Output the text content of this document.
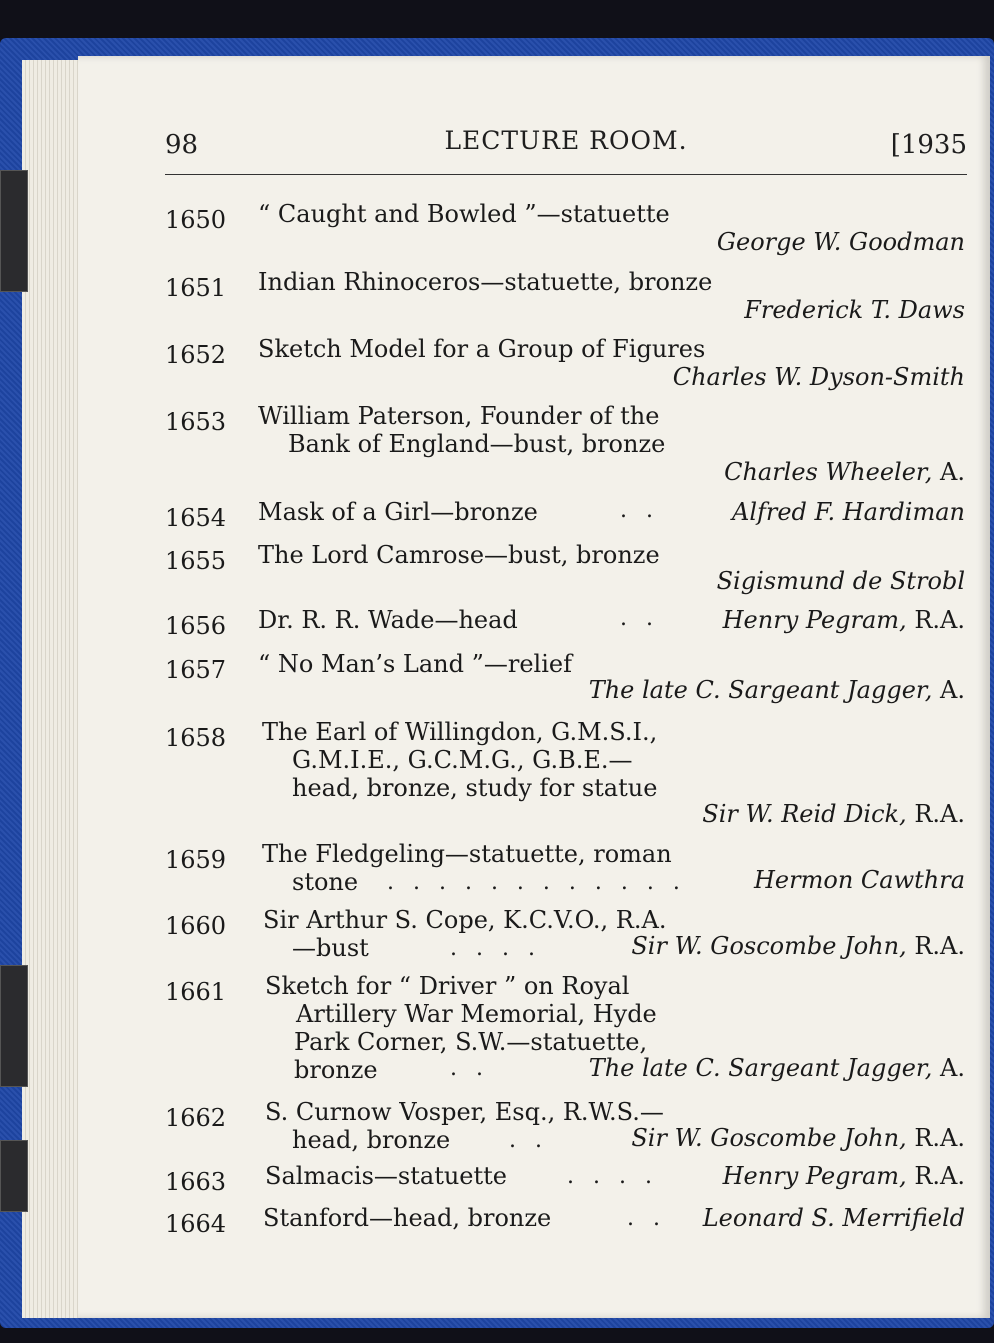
98	LECTURE ROOM.	[1935
1650 “ Caught and Bowled ”—statuette
George W. Goodman
1651 Indian Rhinoceros—statuette, bronze
Frederick T. Daws
1652 Sketch Model for a Group of Figures
Charles W. Dyson-Smith
1653 William Paterson, Founder of the
Bank of England—bust, bronze
Charles Wheeler, A.
1654 Mask of a Girl—bronze	. .	Alfred F. Hardiman
1655 The Lord Camrose—bust, bronze
Sigismund de Strobl
1656 Dr. R. R. Wade—head	. .	Henry Pegram, R.A.
1657 “ No Man’s Land ”—relief
The late C. Sargeant Jagger, A.
1658 The Earl of Willingdon, G.M.S.I.,
G.M.I.E., G.C.M.G., G.B.E.—
head, bronze, study for statue
Sir W. Reid Dick, R.A.
1659 The Fledgeling—statuette, roman
stone . . . . . . . . . . . .	Hermon Cawthra
1660 Sir Arthur S. Cope, K.C.V.O., R.A.
—bust	. . . .	Sir W. Goscombe John, R.A.
1661 Sketch for “ Driver ” on Royal
Artillery War Memorial, Hyde
Park Corner, S.W.—statuette,
bronze	. .	The late C. Sargeant Jagger, A.
1662 S. Curnow Vosper, Esq., R.W.S.—
head, bronze	. .	Sir W. Goscombe John, R.A.
1663 Salmacis—statuette	. . . .	Henry Pegram, R.A.
1664 Stanford—head, bronze	. . Leonard S. Merrifield
